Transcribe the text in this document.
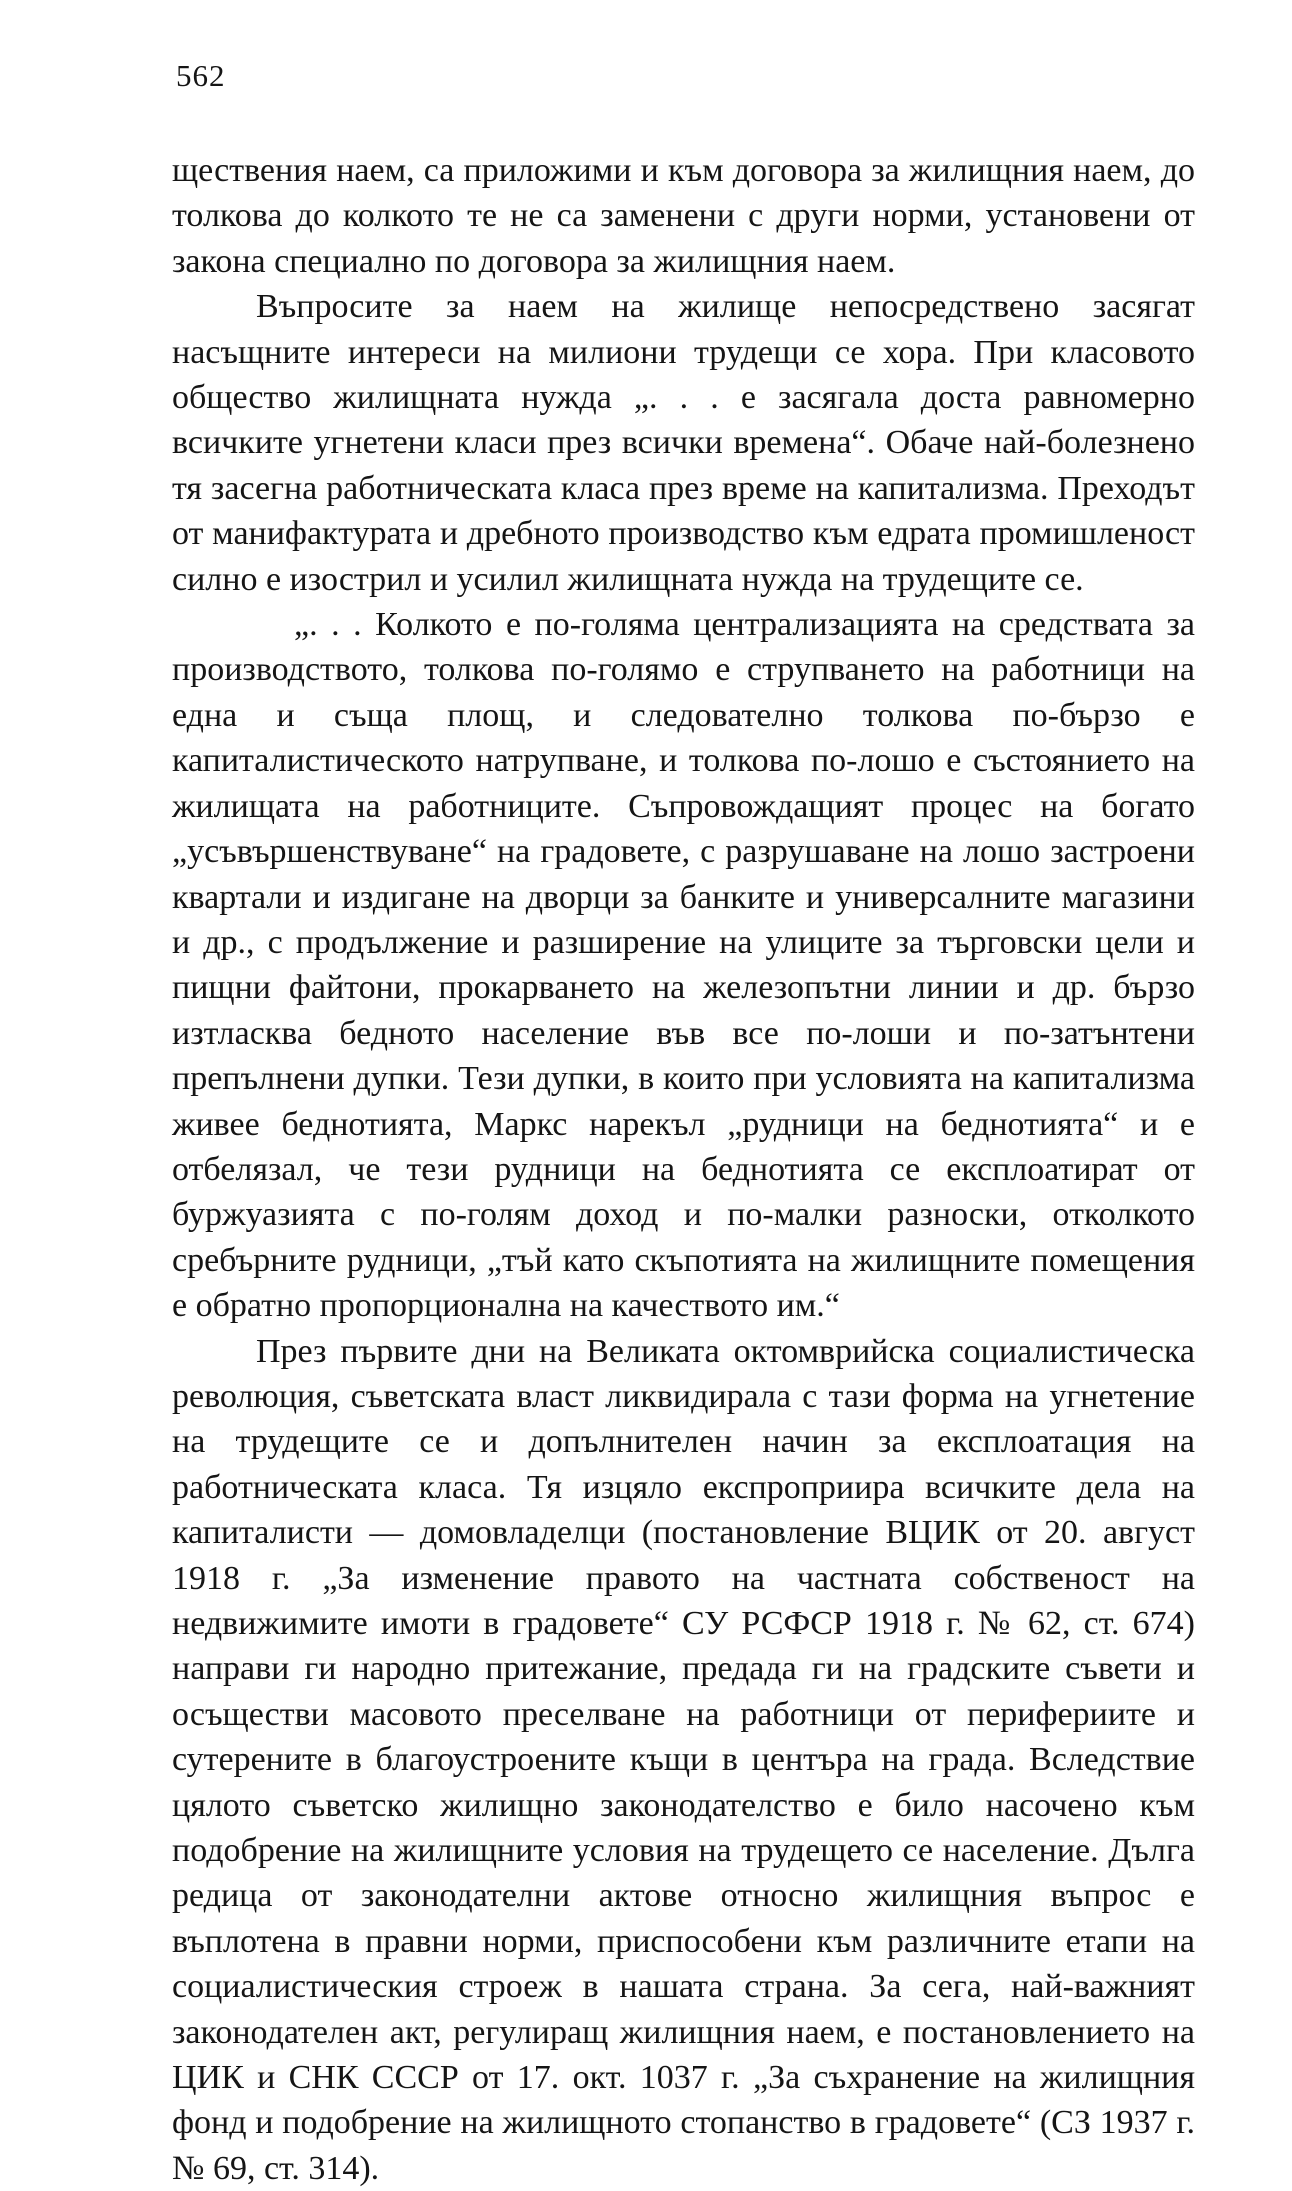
562

ществения наем, са приложими и към договора за жилищния наем, до толкова до колкото те не са заменени с други норми, установени от закона специално по договора за жилищния наем.

Въпросите за наем на жилище непосредствено засягат насъщните интереси на милиони трудещи се хора. При класовото общество жилищната нужда „. . . е засягала доста равномерно всичките угнетени класи през всички времена“. Обаче най-болезнено тя засегна работническата класа през време на капитализма. Преходът от манифактурата и дребното производство към едрата промишленост силно е изострил и усилил жилищната нужда на трудещите се.

„. . . Колкото е по-голяма централизацията на средствата за производството, толкова по-голямо е струпването на работници на една и съща площ, и следователно толкова по-бързо е капиталистическото натрупване, и толкова по-лошо е състоянието на жилищата на работниците. Съпровождащият процес на богато „усъвършенствуване“ на градовете, с разрушаване на лошо застроени квартали и издигане на дворци за банките и универсалните магазини и др., с продължение и разширение на улиците за търговски цели и пищни файтони, прокарването на железопътни линии и др. бързо изтласква бедното население във все по-лоши и по-затънтени препълнени дупки. Тези дупки, в които при условията на капитализма живее беднотията, Маркс нарекъл „рудници на беднотията“ и е отбелязал, че тези рудници на беднотията се експлоатират от буржуазията с по-голям доход и по-малки разноски, отколкото сребърните рудници, „тъй като скъпотията на жилищните помещения е обратно пропорционална на качеството им.“

През първите дни на Великата октомврийска социалистическа революция, съветската власт ликвидирала с тази форма на угнетение на трудещите се и допълнителен начин за експлоатация на работническата класа. Тя изцяло експроприира всичките дела на капиталисти — домовладелци (постановление ВЦИК от 20. август 1918 г. „За изменение правото на частната собственост на недвижимите имоти в градовете“ СУ РСФСР 1918 г. № 62, ст. 674) направи ги народно притежание, предада ги на градските съвети и осъществи масовото преселване на работници от перифериите и сутерените в благоустроените къщи в центъра на града. Вследствие цялото съветско жилищно законодателство е било насочено към подобрение на жилищните условия на трудещето се население. Дълга редица от законодателни актове относно жилищния въпрос е въплотена в правни норми, приспособени към различните етапи на социалистическия строеж в нашата страна. За сега, най-важният законодателен акт, регулиращ жилищния наем, е постановлението на ЦИК и СНК СССР от 17. окт. 1037 г. „За съхранение на жилищния фонд и подобрение на жилищното стопанство в градовете“ (СЗ 1937 г. № 69, ст. 314).
